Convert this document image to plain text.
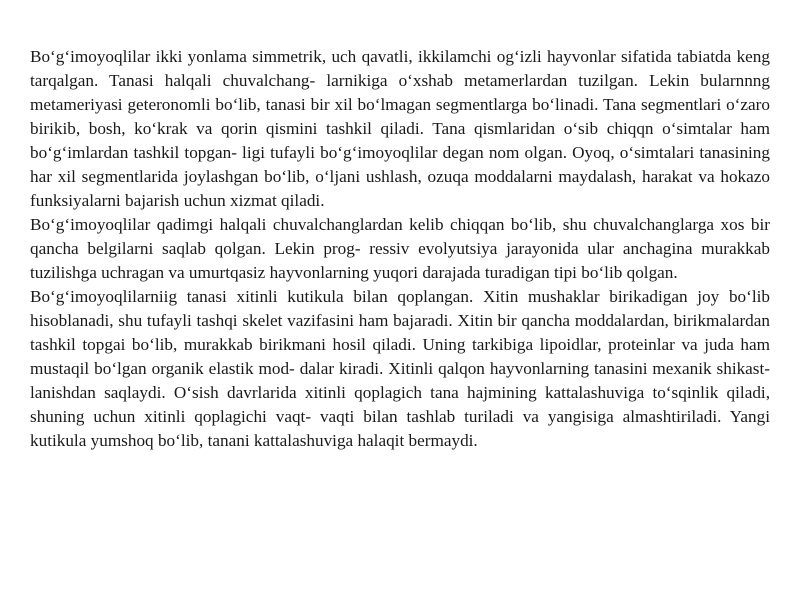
Bo‘g‘imoyoqlilar ikki yonlama simmetrik, uch qavatli, ikkilamchi og‘izli hayvonlar sifatida tabiatda keng tarqalgan. Tanasi halqali chuvalchang- larnikiga o‘xshab metamerlardan tuzilgan. Lekin bularnnng metameriyasi geteronomli bo‘lib, tanasi bir xil bo‘lmagan segmentlarga bo‘linadi. Tana segmentlari o‘zaro birikib, bosh, ko‘krak va qorin qismini tashkil qiladi. Tana qismlaridan o‘sib chiqqn o‘simtalar ham bo‘g‘imlardan tashkil topgan- ligi tufayli bo‘g‘imoyoqlilar degan nom olgan. Oyoq, o‘simtalari tanasining har xil segmentlarida joylashgan bo‘lib, o‘ljani ushlash, ozuqa moddalarni maydalash, harakat va hokazo funksiyalarni bajarish uchun xizmat qiladi.

Bo‘g‘imoyoqlilar qadimgi halqali chuvalchanglardan kelib chiqqan bo‘lib, shu chuvalchanglarga xos bir qancha belgilarni saqlab qolgan. Lekin prog- ressiv evolyutsiya jarayonida ular anchagina murakkab tuzilishga uchragan va umurtqasiz hayvonlarning yuqori darajada turadigan tipi bo‘lib qolgan.

Bo‘g‘imoyoqlilarniig tanasi xitinli kutikula bilan qoplangan. Xitin mushaklar birikadigan joy bo‘lib hisoblanadi, shu tufayli tashqi skelet vazifasini ham bajaradi. Xitin bir qancha moddalardan, birikmalardan tashkil topgai bo‘lib, murakkab birikmani hosil qiladi. Uning tarkibiga lipoidlar, proteinlar va juda ham mustaqil bo‘lgan organik elastik mod- dalar kiradi. Xitinli qalqon hayvonlarning tanasini mexanik shikast- lanishdan saqlaydi. O‘sish davrlarida xitinli qoplagich tana hajmining kattalashuviga to‘sqinlik qiladi, shuning uchun xitinli qoplagichi vaqt- vaqti bilan tashlab turiladi va yangisiga almashtiriladi. Yangi kutikula yumshoq bo‘lib, tanani kattalashuviga halaqit bermaydi.
